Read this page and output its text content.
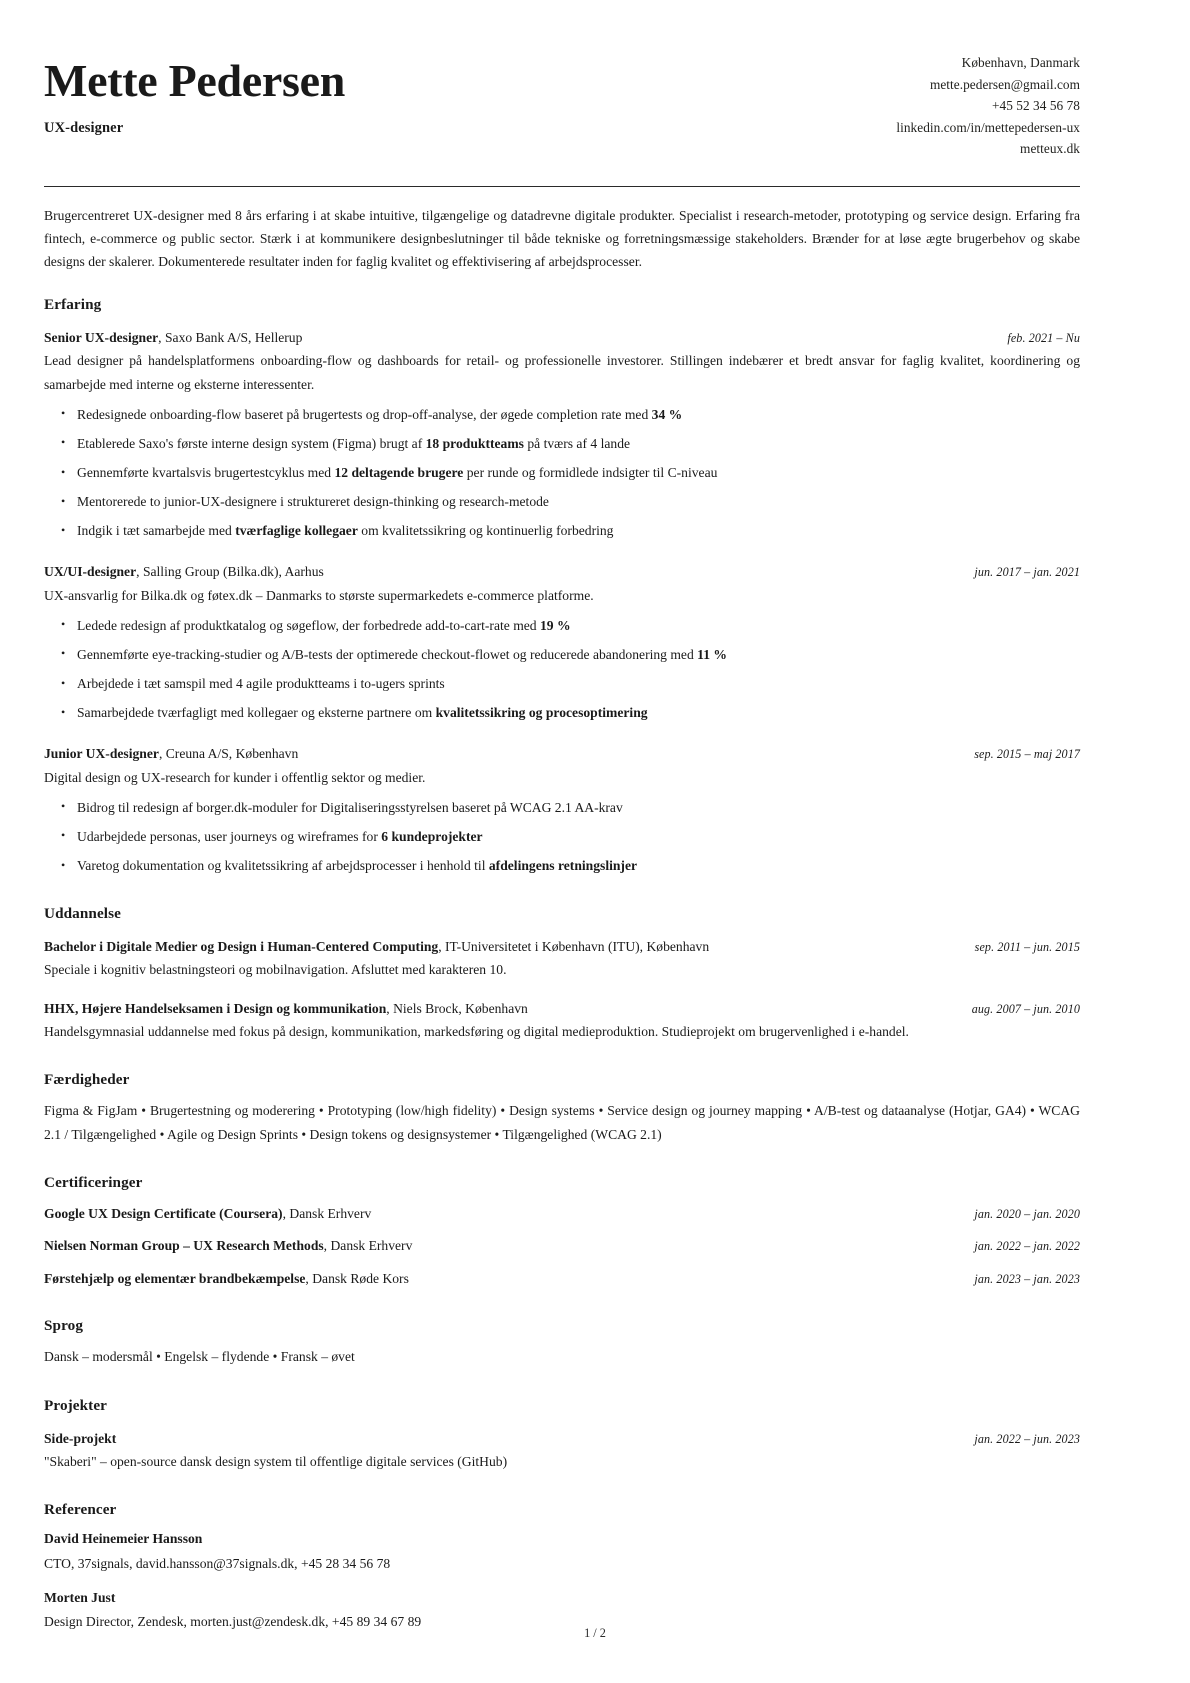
Mette Pedersen
UX-designer
København, Danmark
mette.pedersen@gmail.com
+45 52 34 56 78
linkedin.com/in/mettepedersen-ux
metteux.dk
Brugercentreret UX-designer med 8 års erfaring i at skabe intuitive, tilgængelige og datadrevne digitale produkter. Specialist i research-metoder, prototyping og service design. Erfaring fra fintech, e-commerce og public sector. Stærk i at kommunikere designbeslutninger til både tekniske og forretningsmæssige stakeholders. Brænder for at løse ægte brugerbehov og skabe designs der skalerer. Dokumenterede resultater inden for faglig kvalitet og effektivisering af arbejdsprocesser.
Erfaring
Senior UX-designer, Saxo Bank A/S, Hellerup	feb. 2021 – Nu
Lead designer på handelsplatformens onboarding-flow og dashboards for retail- og professionelle investorer. Stillingen indebærer et bredt ansvar for faglig kvalitet, koordinering og samarbejde med interne og eksterne interessenter.
• Redesignede onboarding-flow baseret på brugertests og drop-off-analyse, der øgede completion rate med 34 %
• Etablerede Saxo's første interne design system (Figma) brugt af 18 produktteams på tværs af 4 lande
• Gennemførte kvartalsvis brugertestcyklus med 12 deltagende brugere per runde og formidlede indsigter til C-niveau
• Mentorerede to junior-UX-designere i struktureret design-thinking og research-metode
• Indgik i tæt samarbejde med tværfaglige kollegaer om kvalitetssikring og kontinuerlig forbedring
UX/UI-designer, Salling Group (Bilka.dk), Aarhus	jun. 2017 – jan. 2021
UX-ansvarlig for Bilka.dk og føtex.dk – Danmarks to største supermarkedets e-commerce platforme.
• Ledede redesign af produktkatalog og søgeflow, der forbedrede add-to-cart-rate med 19 %
• Gennemførte eye-tracking-studier og A/B-tests der optimerede checkout-flowet og reducerede abandonering med 11 %
• Arbejdede i tæt samspil med 4 agile produktteams i to-ugers sprints
• Samarbejdede tværfagligt med kollegaer og eksterne partnere om kvalitetssikring og procesoptimering
Junior UX-designer, Creuna A/S, København	sep. 2015 – maj 2017
Digital design og UX-research for kunder i offentlig sektor og medier.
• Bidrog til redesign af borger.dk-moduler for Digitaliseringsstyrelsen baseret på WCAG 2.1 AA-krav
• Udarbejdede personas, user journeys og wireframes for 6 kundeprojekter
• Varetog dokumentation og kvalitetssikring af arbejdsprocesser i henhold til afdelingens retningslinjer
Uddannelse
Bachelor i Digitale Medier og Design i Human-Centered Computing, IT-Universitetet i København (ITU), København	sep. 2011 – jun. 2015
Speciale i kognitiv belastningsteori og mobilnavigation. Afsluttet med karakteren 10.
HHX, Højere Handelseksamen i Design og kommunikation, Niels Brock, København	aug. 2007 – jun. 2010
Handelsgymnasial uddannelse med fokus på design, kommunikation, markedsføring og digital medieproduktion. Studieprojekt om brugervenlighed i e-handel.
Færdigheder
Figma & FigJam • Brugertestning og moderering • Prototyping (low/high fidelity) • Design systems • Service design og journey mapping • A/B-test og dataanalyse (Hotjar, GA4) • WCAG 2.1 / Tilgængelighed • Agile og Design Sprints • Design tokens og designsystemer • Tilgængelighed (WCAG 2.1)
Certificeringer
Google UX Design Certificate (Coursera), Dansk Erhverv	jan. 2020 – jan. 2020
Nielsen Norman Group – UX Research Methods, Dansk Erhverv	jan. 2022 – jan. 2022
Førstehjælp og elementær brandbekæmpelse, Dansk Røde Kors	jan. 2023 – jan. 2023
Sprog
Dansk – modersmål • Engelsk – flydende • Fransk – øvet
Projekter
Side-projekt	jan. 2022 – jun. 2023
"Skaberi" – open-source dansk design system til offentlige digitale services (GitHub)
Referencer
David Heinemeier Hansson
CTO, 37signals, david.hansson@37signals.dk, +45 28 34 56 78
Morten Just
Design Director, Zendesk, morten.just@zendesk.dk, +45 89 34 67 89
1 / 2
